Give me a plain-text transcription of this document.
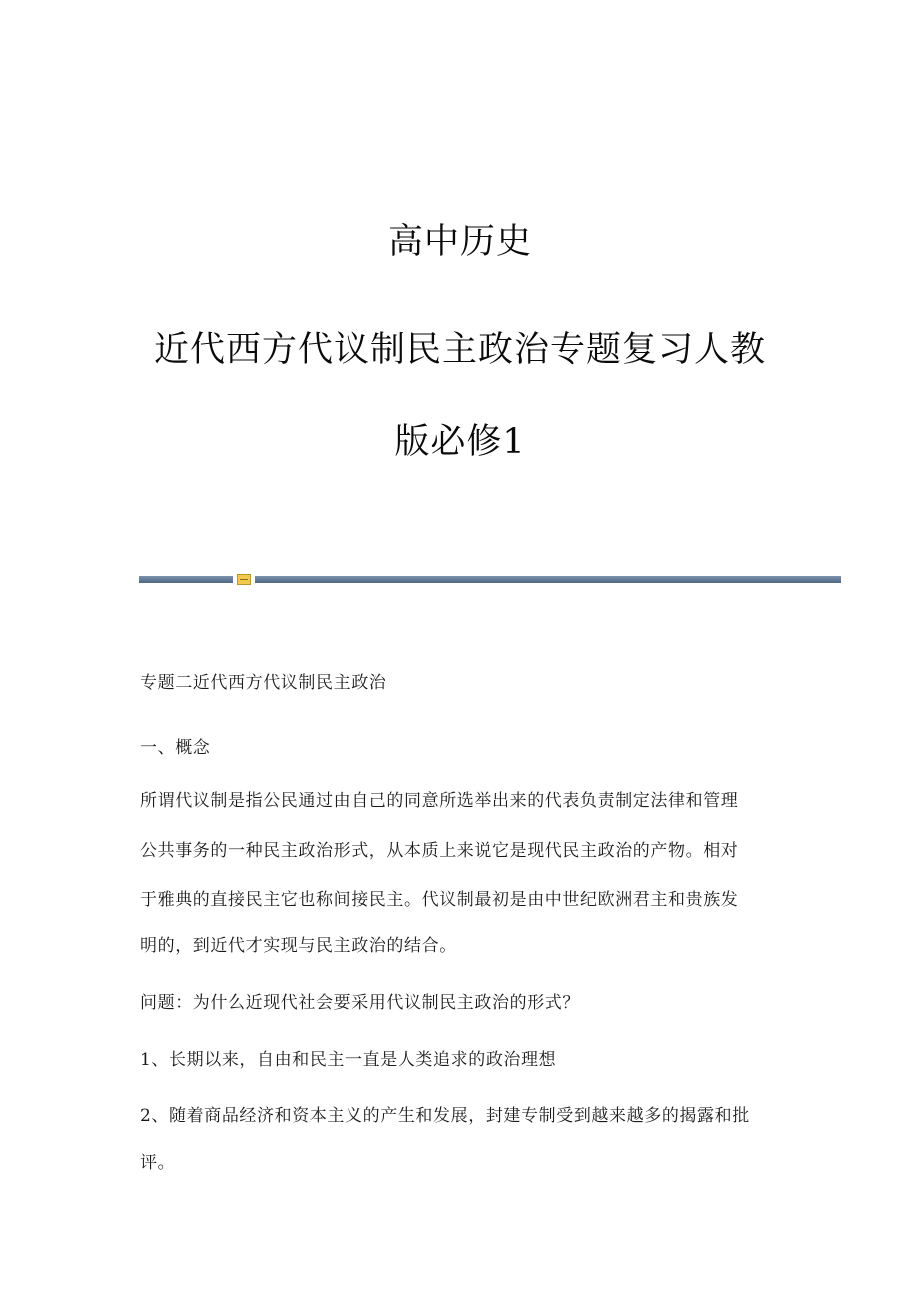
高中历史
近代西方代议制民主政治专题复习人教
版必修1
专题二近代西方代议制民主政治
一、概念
所谓代议制是指公民通过由自己的同意所选举出来的代表负责制定法律和管理
公共事务的一种民主政治形式，从本质上来说它是现代民主政治的产物。相对
于雅典的直接民主它也称间接民主。代议制最初是由中世纪欧洲君主和贵族发
明的，到近代才实现与民主政治的结合。
问题：为什么近现代社会要采用代议制民主政治的形式？
1、长期以来，自由和民主一直是人类追求的政治理想
2、随着商品经济和资本主义的产生和发展，封建专制受到越来越多的揭露和批
评。
